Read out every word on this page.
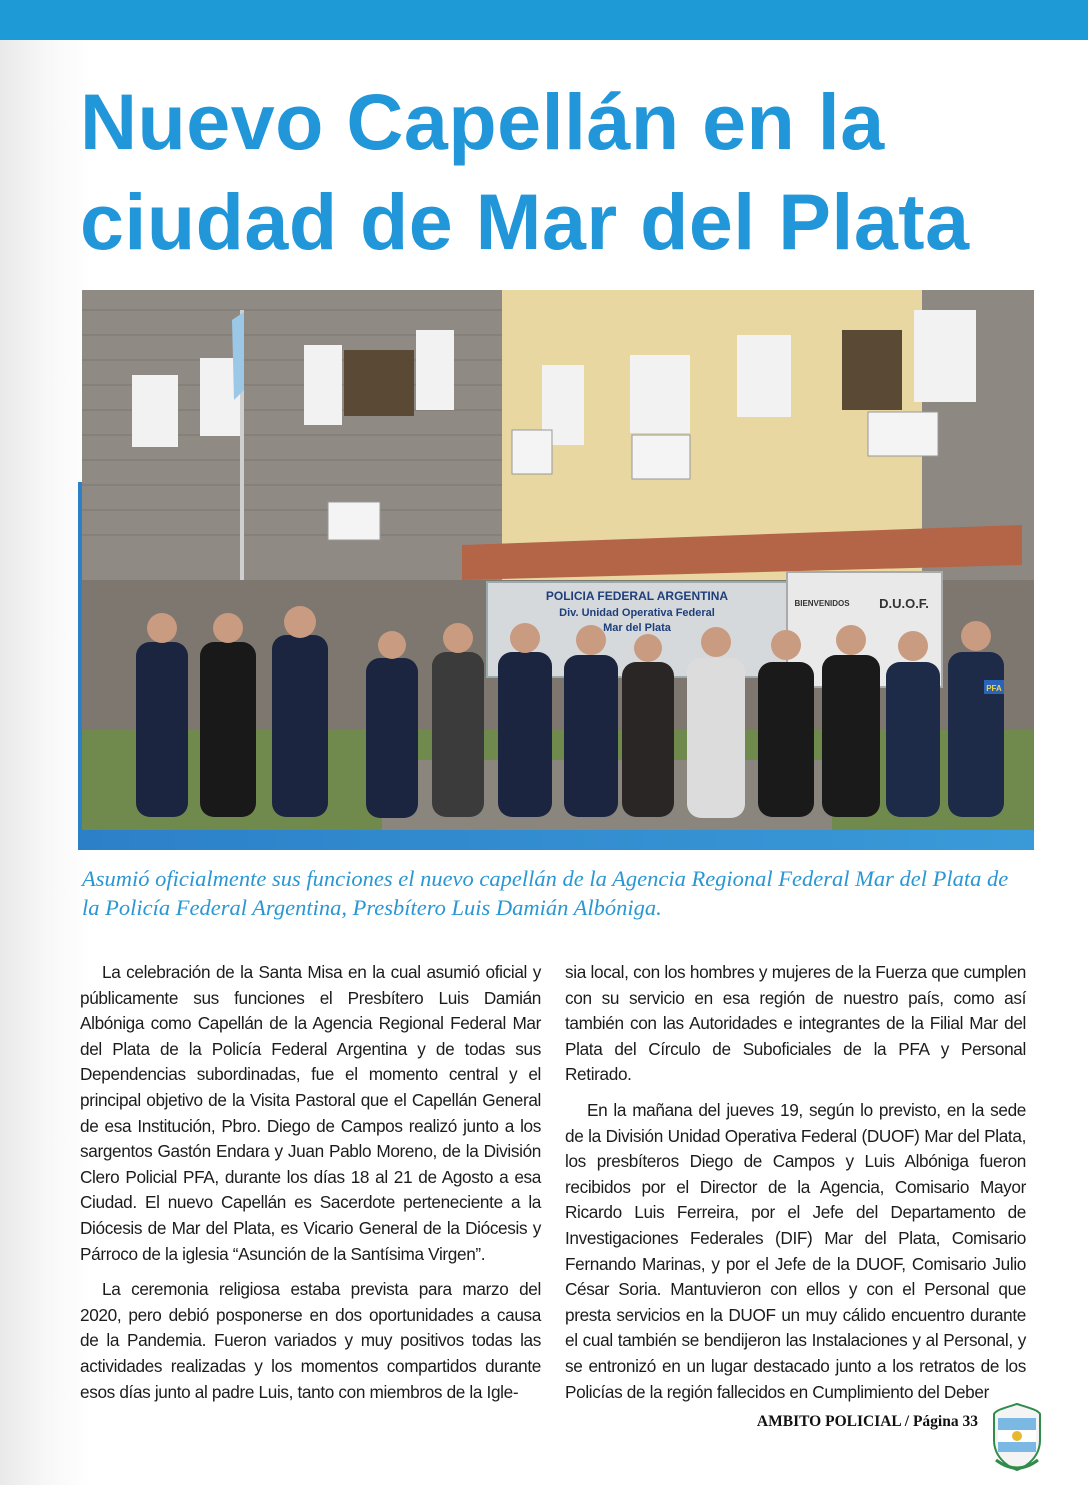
Nuevo Capellán en la
ciudad de Mar del Plata
POLICIA FEDERAL ARGENTINA
Div. Unidad Operativa Federal
Mar del Plata
BIENVENIDOS D.U.O.F.
PFA

Asumió oficialmente sus funciones el nuevo capellán de la Agencia Regional Federal Mar del Plata de la Policía Federal Argentina, Presbítero Luis Damián Albóniga.

La celebración de la Santa Misa en la cual asumió oficial y públicamente sus funciones el Presbítero Luis Damián Albóniga como Capellán de la Agencia Regional Federal Mar del Plata de la Policía Federal Argentina y de todas sus Dependencias subordinadas, fue el momento central y el principal objetivo de la Visita Pastoral que el Capellán General de esa Institución, Pbro. Diego de Campos realizó junto a los sargentos Gastón Endara y Juan Pablo Moreno, de la División Clero Policial PFA, durante los días 18 al 21 de Agosto a esa Ciudad. El nuevo Capellán es Sacerdote perteneciente a la Diócesis de Mar del Plata, es Vicario General de la Diócesis y Párroco de la iglesia “Asunción de la Santísima Virgen”.

La ceremonia religiosa estaba prevista para marzo del 2020, pero debió posponerse en dos oportunidades a causa de la Pandemia. Fueron variados y muy positivos todas las actividades realizadas y los momentos compartidos durante esos días junto al padre Luis, tanto con miembros de la Igle-

sia local, con los hombres y mujeres de la Fuerza que cumplen con su servicio en esa región de nuestro país, como así también con las Autoridades e integrantes de la Filial Mar del Plata del Círculo de Suboficiales de la PFA y Personal Retirado.

En la mañana del jueves 19, según lo previsto, en la sede de la División Unidad Operativa Federal (DUOF) Mar del Plata, los presbíteros Diego de Campos y Luis Albóniga fueron recibidos por el Director de la Agencia, Comisario Mayor Ricardo Luis Ferreira, por el Jefe del Departamento de Investigaciones Federales (DIF) Mar del Plata, Comisario Fernando Marinas, y por el Jefe de la DUOF, Comisario Julio César Soria. Mantuvieron con ellos y con el Personal que presta servicios en la DUOF un muy cálido encuentro durante el cual también se bendijeron las Instalaciones y al Personal, y se entronizó en un lugar destacado junto a los retratos de los Policías de la región fallecidos en Cumplimiento del Deber

AMBITO POLICIAL / Página 33
